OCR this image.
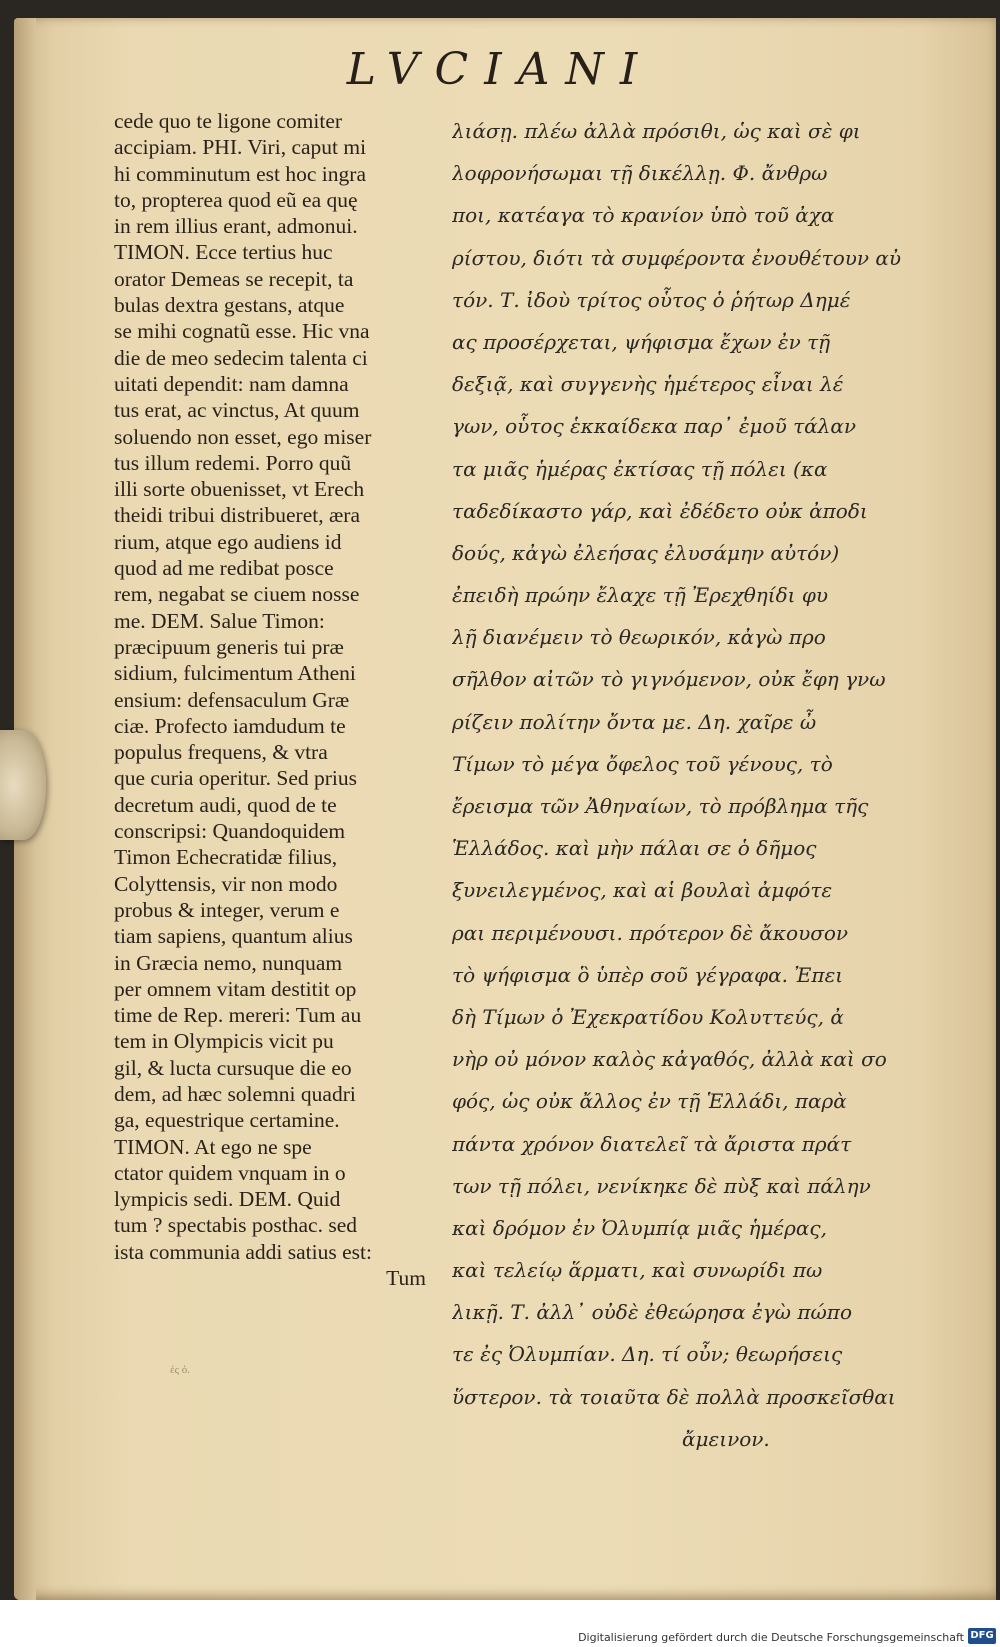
LVCIANI
cede quo te ligone comiter
accipiam. PHI. Viri, caput mi
hi comminutum est hoc ingra
to, propterea quod eũ ea quę
in rem illius erant, admonui.
TIMON. Ecce tertius huc
orator Demeas se recepit, ta
bulas dextra gestans, atque
se mihi cognatũ esse. Hic vna
die de meo sedecim talenta ci
uitati dependit: nam damna
tus erat, ac vinctus, At quum
soluendo non esset, ego miser
tus illum redemi. Porro quũ
illi sorte obuenisset, vt Erech
theidi tribui distribueret, æra
rium, atque ego audiens id
quod ad me redibat posce
rem, negabat se ciuem nosse
me. DEM. Salue Timon:
præcipuum generis tui præ
sidium, fulcimentum Atheni
ensium: defensaculum Græ
ciæ. Profecto iamdudum te
populus frequens, & vtra
que curia operitur. Sed prius
decretum audi, quod de te
conscripsi: Quandoquidem
Timon Echecratidæ filius,
Colyttensis, vir non modo
probus & integer, verum e
tiam sapiens, quantum alius
in Græcia nemo, nunquam
per omnem vitam destitit op
time de Rep. mereri: Tum au
tem in Olympicis vicit pu
gil, & lucta cursuque die eo
dem, ad hæc solemni quadri
ga, equestrique certamine.
TIMON. At ego ne spe
ctator quidem vnquam in o
lympicis sedi. DEM. Quid
tum ? spectabis posthac. sed
ista communia addi satius est:
Tum
λιάσῃ. πλέω ἀλλὰ πρόσιθι, ὡς καὶ σὲ φι
λοφρονήσωμαι τῇ δικέλλῃ. Φ. ἄνθρω
ποι, κατέαγα τὸ κρανίον ὑπὸ τοῦ ἀχα
ρίστου, διότι τὰ συμφέροντα ἐνουθέτουν αὐ
τόν. Τ. ἰδοὺ τρίτος οὗτος ὁ ῥήτωρ Δημέ
ας προσέρχεται, ψήφισμα ἔχων ἐν τῇ
δεξιᾷ, καὶ συγγενὴς ἡμέτερος εἶναι λέ
γων, οὗτος ἑκκαίδεκα παρ᾽ ἐμοῦ τάλαν
τα μιᾶς ἡμέρας ἐκτίσας τῇ πόλει (κα
ταδεδίκαστο γάρ, καὶ ἐδέδετο οὐκ ἀποδι
δούς, κἀγὼ ἐλεήσας ἐλυσάμην αὐτόν)
ἐπειδὴ πρώην ἔλαχε τῇ Ἐρεχθηίδι φυ
λῇ διανέμειν τὸ θεωρικόν, κἀγὼ προ
σῆλθον αἰτῶν τὸ γιγνόμενον, οὐκ ἔφη γνω
ρίζειν πολίτην ὄντα με. Δη. χαῖρε ὦ
Τίμων τὸ μέγα ὄφελος τοῦ γένους, τὸ
ἔρεισμα τῶν Ἀθηναίων, τὸ πρόβλημα τῆς
Ἑλλάδος. καὶ μὴν πάλαι σε ὁ δῆμος
ξυνειλεγμένος, καὶ αἱ βουλαὶ ἀμφότε
ραι περιμένουσι. πρότερον δὲ ἄκουσον
τὸ ψήφισμα ὃ ὑπὲρ σοῦ γέγραφα. Ἐπει
δὴ Τίμων ὁ Ἐχεκρατίδου Κολυττεύς, ἀ
νὴρ οὐ μόνον καλὸς κἀγαθός, ἀλλὰ καὶ σο
φός, ὡς οὐκ ἄλλος ἐν τῇ Ἑλλάδι, παρὰ
πάντα χρόνον διατελεῖ τὰ ἄριστα πράτ
των τῇ πόλει, νενίκηκε δὲ πὺξ καὶ πάλην
καὶ δρόμον ἐν Ὀλυμπίᾳ μιᾶς ἡμέρας,
καὶ τελείῳ ἅρματι, καὶ συνωρίδι πω
λικῇ. Τ. ἀλλ᾽ οὐδὲ ἐθεώρησα ἐγὼ πώπο
τε ἐς Ὀλυμπίαν. Δη. τί οὖν; θεωρήσεις
ὕστερον. τὰ τοιαῦτα δὲ πολλὰ προσκεῖσθαι
ἄμεινον.
ἐς ὁ.
Digitalisierung gefördert durch die Deutsche Forschungsgemeinschaft DFG
